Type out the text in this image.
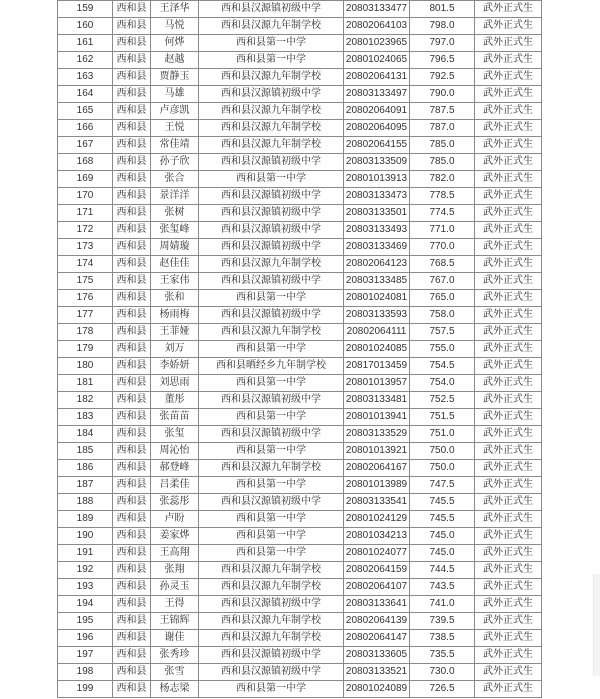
159	西和县	王泽华	西和县汉源镇初级中学	20803133477	801.5	武外正式生
160	西和县	马悦	西和县汉源九年制学校	20802064103	798.0	武外正式生
161	西和县	何烨	西和县第一中学	20801023965	797.0	武外正式生
162	西和县	赵越	西和县第一中学	20801024065	796.5	武外正式生
163	西和县	贾静玉	西和县汉源九年制学校	20802064131	792.5	武外正式生
164	西和县	马雄	西和县汉源镇初级中学	20803133497	790.0	武外正式生
165	西和县	卢彦凯	西和县汉源九年制学校	20802064091	787.5	武外正式生
166	西和县	王悦	西和县汉源九年制学校	20802064095	787.0	武外正式生
167	西和县	常佳靖	西和县汉源九年制学校	20802064155	785.0	武外正式生
168	西和县	孙子欣	西和县汉源镇初级中学	20803133509	785.0	武外正式生
169	西和县	张合	西和县第一中学	20801013913	782.0	武外正式生
170	西和县	景洋洋	西和县汉源镇初级中学	20803133473	778.5	武外正式生
171	西和县	张树	西和县汉源镇初级中学	20803133501	774.5	武外正式生
172	西和县	张玺峰	西和县汉源镇初级中学	20803133493	771.0	武外正式生
173	西和县	周婧璇	西和县汉源镇初级中学	20803133469	770.0	武外正式生
174	西和县	赵佳佳	西和县汉源九年制学校	20802064123	768.5	武外正式生
175	西和县	王家伟	西和县汉源镇初级中学	20803133485	767.0	武外正式生
176	西和县	张和	西和县第一中学	20801024081	765.0	武外正式生
177	西和县	杨雨梅	西和县汉源镇初级中学	20803133593	758.0	武外正式生
178	西和县	王菲娅	西和县汉源九年制学校	20802064111	757.5	武外正式生
179	西和县	刘万	西和县第一中学	20801024085	755.0	武外正式生
180	西和县	李娇妍	西和县晒经乡九年制学校	20817013459	754.5	武外正式生
181	西和县	刘思雨	西和县第一中学	20801013957	754.0	武外正式生
182	西和县	董彤	西和县汉源镇初级中学	20803133481	752.5	武外正式生
183	西和县	张苗苗	西和县第一中学	20801013941	751.5	武外正式生
184	西和县	张玺	西和县汉源镇初级中学	20803133529	751.0	武外正式生
185	西和县	周沁怡	西和县第一中学	20801013921	750.0	武外正式生
186	西和县	郝登峰	西和县汉源九年制学校	20802064167	750.0	武外正式生
187	西和县	吕柔佳	西和县第一中学	20801013989	747.5	武外正式生
188	西和县	张蕊彤	西和县汉源镇初级中学	20803133541	745.5	武外正式生
189	西和县	卢盼	西和县第一中学	20801024129	745.5	武外正式生
190	西和县	姜家烨	西和县第一中学	20801034213	745.0	武外正式生
191	西和县	王高翔	西和县第一中学	20801024077	745.0	武外正式生
192	西和县	张翔	西和县汉源九年制学校	20802064159	744.5	武外正式生
193	西和县	孙灵玉	西和县汉源九年制学校	20802064107	743.5	武外正式生
194	西和县	王得	西和县汉源镇初级中学	20803133641	741.0	武外正式生
195	西和县	王锦辉	西和县汉源九年制学校	20802064139	739.5	武外正式生
196	西和县	谢佳	西和县汉源九年制学校	20802064147	738.5	武外正式生
197	西和县	张秀珍	西和县汉源镇初级中学	20803133605	735.5	武外正式生
198	西和县	张雪	西和县汉源镇初级中学	20803133521	730.0	武外正式生
199	西和县	杨志梁	西和县第一中学	20801024089	726.5	武外正式生
